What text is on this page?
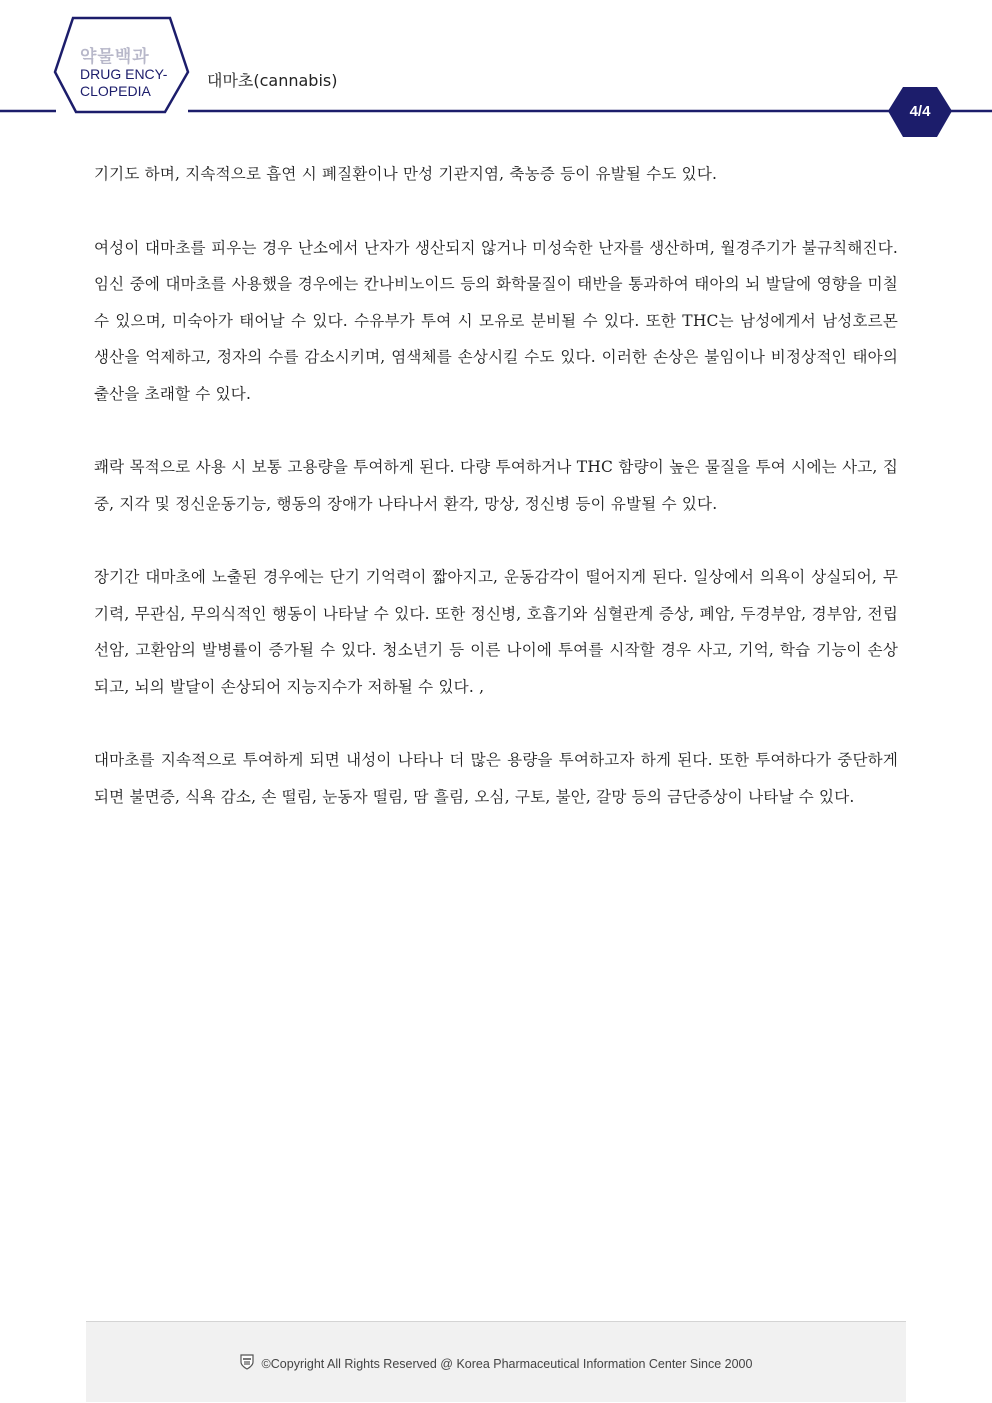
약물백과
DRUG ENCY-
CLOPEDIA
대마초(cannabis)
4/4

기기도 하며, 지속적으로 흡연 시 폐질환이나 만성 기관지염, 축농증 등이 유발될 수도 있다.

여성이 대마초를 피우는 경우 난소에서 난자가 생산되지 않거나 미성숙한 난자를 생산하며, 월경주기가 불규칙해진다. 임신 중에 대마초를 사용했을 경우에는 칸나비노이드 등의 화학물질이 태반을 통과하여 태아의 뇌 발달에 영향을 미칠 수 있으며, 미숙아가 태어날 수 있다. 수유부가 투여 시 모유로 분비될 수 있다. 또한 THC는 남성에게서 남성호르몬 생산을 억제하고, 정자의 수를 감소시키며, 염색체를 손상시킬 수도 있다. 이러한 손상은 불임이나 비정상적인 태아의 출산을 초래할 수 있다.

쾌락 목적으로 사용 시 보통 고용량을 투여하게 된다. 다량 투여하거나 THC 함량이 높은 물질을 투여 시에는 사고, 집중, 지각 및 정신운동기능, 행동의 장애가 나타나서 환각, 망상, 정신병 등이 유발될 수 있다.

장기간 대마초에 노출된 경우에는 단기 기억력이 짧아지고, 운동감각이 떨어지게 된다. 일상에서 의욕이 상실되어, 무기력, 무관심, 무의식적인 행동이 나타날 수 있다. 또한 정신병, 호흡기와 심혈관계 증상, 폐암, 두경부암, 경부암, 전립선암, 고환암의 발병률이 증가될 수 있다. 청소년기 등 이른 나이에 투여를 시작할 경우 사고, 기억, 학습 기능이 손상되고, 뇌의 발달이 손상되어 지능지수가 저하될 수 있다. ,

대마초를 지속적으로 투여하게 되면 내성이 나타나 더 많은 용량을 투여하고자 하게 된다. 또한 투여하다가 중단하게 되면 불면증, 식욕 감소, 손 떨림, 눈동자 떨림, 땀 흘림, 오심, 구토, 불안, 갈망 등의 금단증상이 나타날 수 있다.

©Copyright All Rights Reserved @ Korea Pharmaceutical Information Center Since 2000
